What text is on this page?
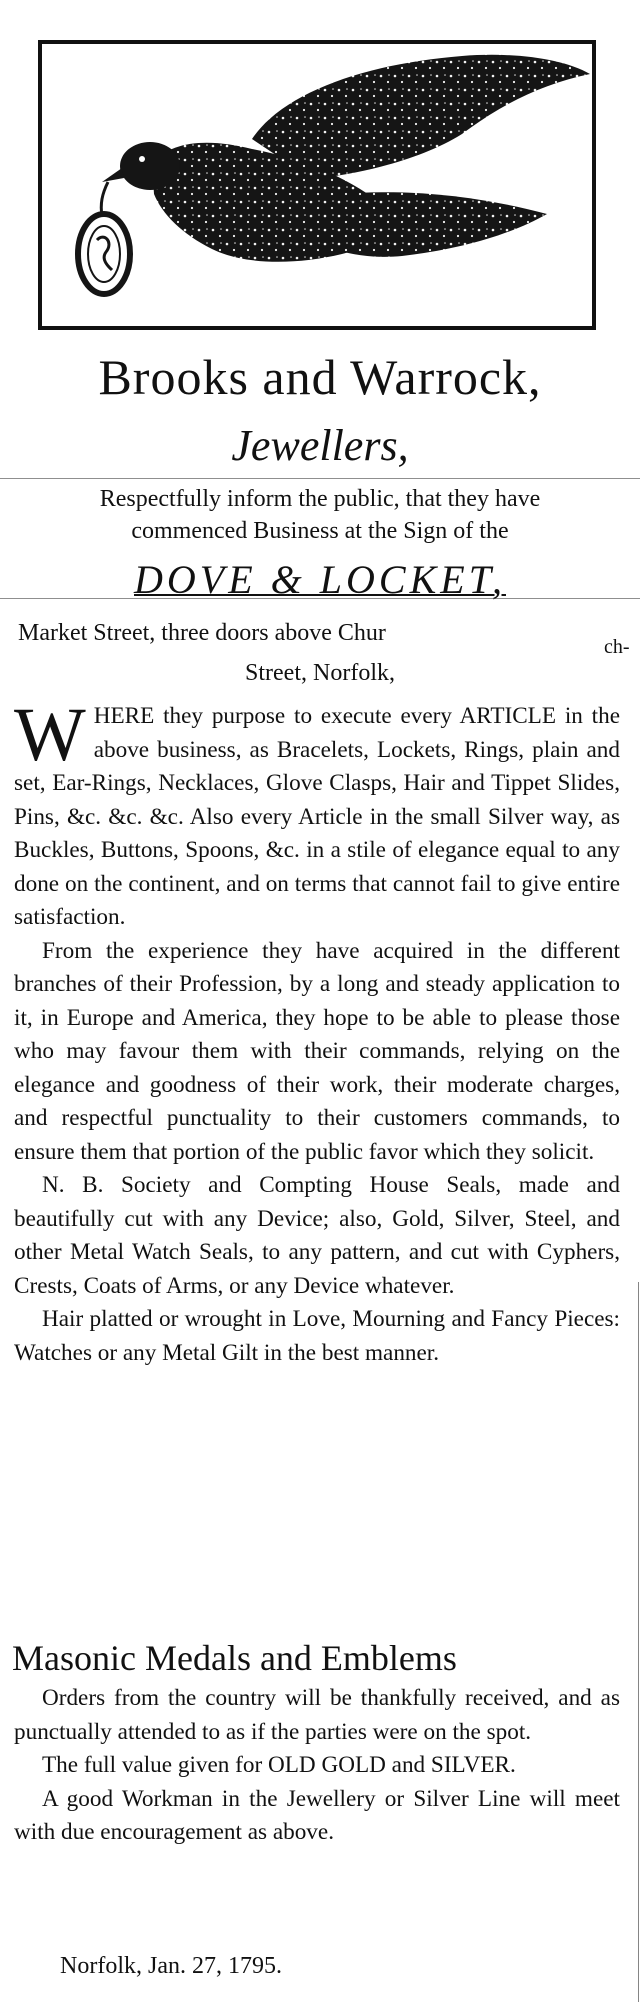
Brooks and Warrock,
Jewellers,
Respectfully inform the public, that they have
commenced Business at the Sign of the
DOVE & LOCKET,
Market Street, three doors above Chur
ch-
Street, Norfolk,

WHERE they purpose to execute every ARTICLE in the above business, as Bracelets, Lockets, Rings, plain and set, Ear-Rings, Necklaces, Glove Clasps, Hair and Tippet Slides, Pins, &c. &c. &c. Also every Article in the small Silver way, as Buckles, Buttons, Spoons, &c. in a stile of elegance equal to any done on the continent, and on terms that cannot fail to give entire satisfaction.

From the experience they have acquired in the different branches of their Profession, by a long and steady application to it, in Europe and America, they hope to be able to please those who may favour them with their commands, relying on the elegance and goodness of their work, their moderate charges, and respectful punctuality to their customers commands, to ensure them that portion of the public favor which they solicit.

N. B. Society and Compting House Seals, made and beautifully cut with any Device; also, Gold, Silver, Steel, and other Metal Watch Seals, to any pattern, and cut with Cyphers, Crests, Coats of Arms, or any Device whatever.

Hair platted or wrought in Love, Mourning and Fancy Pieces: Watches or any Metal Gilt in the best manner.

Masonic Medals and Emblems

Orders from the country will be thankfully received, and as punctually attended to as if the parties were on the spot.

The full value given for OLD GOLD and SILVER.

A good Workman in the Jewellery or Silver Line will meet with due encouragement as above.

Norfolk, Jan. 27, 1795.
